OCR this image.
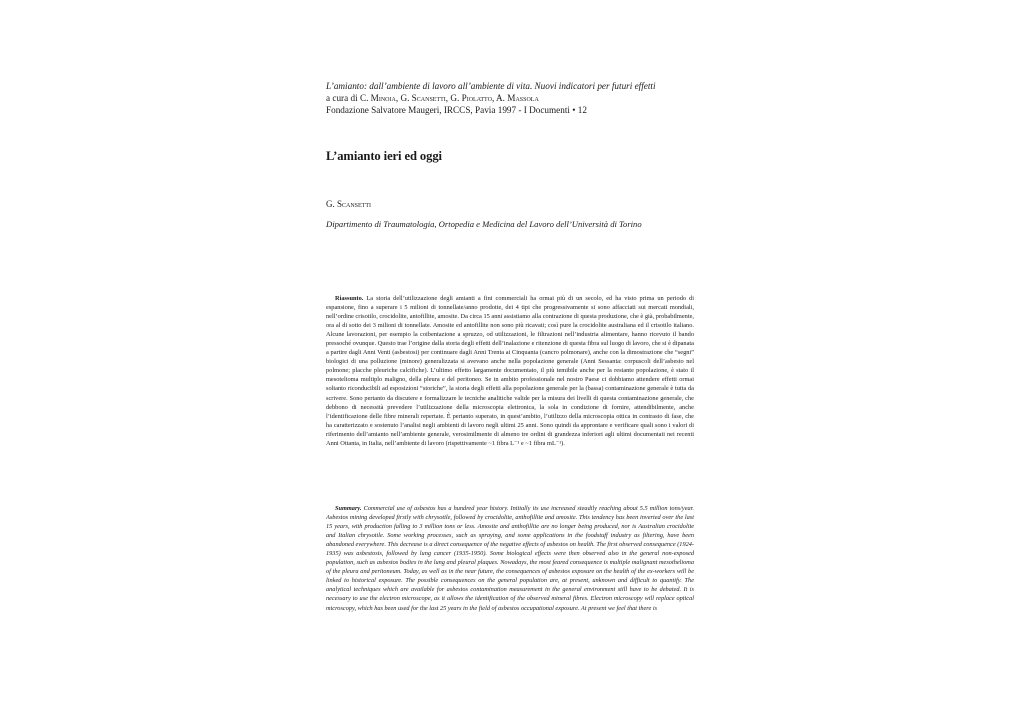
L’amianto: dall’ambiente di lavoro all’ambiente di vita. Nuovi indicatori per futuri effetti
a cura di C. Minoia, G. Scansetti, G. Piolatto, A. Massola
Fondazione Salvatore Maugeri, IRCCS, Pavia 1997 - I Documenti • 12
L’amianto ieri ed oggi
G. Scansetti
Dipartimento di Traumatologia, Ortopedia e Medicina del Lavoro dell’Università di Torino

Riassunto. La storia dell’utilizzazione degli amianti a fini commerciali ha ormai più di un secolo, ed ha visto prima un periodo di espansione, fino a superare i 5 milioni di tonnellate/anno prodotte, dei 4 tipi che progressivamente si sono affacciati sui mercati mondiali, nell’ordine crisotilo, crocidolite, antofillite, amosite. Da circa 15 anni assistiamo alla contrazione di questa produzione, che è già, probabilmente, ora al di sotto dei 3 milioni di tonnellate. Amosite ed antofillite non sono più ricavati; così pure la crocidolite australiana ed il crisotilo italiano. Alcune lavorazioni, per esempio la coibentazione a spruzzo, od utilizzazioni, le filtrazioni nell’industria alimentare, hanno ricevuto il bando pressoché ovunque. Questo trae l’origine dalla storia degli effetti dell’inalazione e ritenzione di questa fibra sul luogo di lavoro, che si è dipanata a partire dagli Anni Venti (asbestosi) per continuare dagli Anni Trenta ai Cinquanta (cancro polmonare), anche con la dimostrazione che “segni” biologici di una polluzione (minore) generalizzata si avevano anche nella popolazione generale (Anni Sessanta: corpuscoli dell’asbesto nel polmone; placche pleuriche calcifiche). L’ultimo effetto largamente documentato, il più temibile anche per la restante popolazione, è stato il mesotelioma multiplo maligno, della pleura e del peritoneo. Se in ambito professionale nel nostro Paese ci dobbiamo attendere effetti ormai soltanto riconducibili ad esposizioni “storiche”, la storia degli effetti alla popolazione generale per la (bassa) contaminazione generale è tutta da scrivere. Sono pertanto da discutere e formalizzare le tecniche analitiche valide per la misura dei livelli di questa contaminazione generale, che debbono di necessità prevedere l’utilizzazione della microscopia elettronica, la sola in condizione di fornire, attendibilmente, anche l’identificazione delle fibre minerali repertate. È pertanto superato, in quest’ambito, l’utilizzo della microscopia ottica in contrasto di fase, che ha caratterizzato e sostenuto l’analisi negli ambienti di lavoro negli ultimi 25 anni. Sono quindi da approntare e verificare quali sono i valori di riferimento dell’amianto nell’ambiente generale, verosimilmente di almeno tre ordini di grandezza inferiori agli ultimi documentati nei recenti Anni Ottanta, in Italia, nell’ambiente di lavoro (rispettivamente ~1 fibra L⁻¹ e ~1 fibra mL⁻¹).

Summary. Commercial use of asbestos has a hundred year history. Initially its use increased steadily reaching about 5.5 million tons/year. Asbestos mining developed firstly with chrysotile, followed by crocidolite, anthofillite and amosite. This tendency has been inverted over the last 15 years, with production falling to 3 million tons or less. Amosite and anthofillite are no longer being produced, nor is Australian crocidolite and Italian chrysotile. Some working processes, such as spraying, and some applications in the foodstuff industry as filtering, have been abandoned everywhere. This decrease is a direct consequence of the negative effects of asbestos on health. The first observed consequence (1924-1935) was asbestosis, followed by lung cancer (1935-1950). Some biological effects were then observed also in the general non-exposed population, such as asbestos bodies in the lung and pleural plaques. Nowadays, the most feared consequence is multiple malignant mesothelioma of the pleura and peritoneum. Today, as well as in the near future, the consequences of asbestos exposure on the health of the ex-workers will be linked to historical exposure. The possible consequences on the general population are, at present, unknown and difficult to quantify. The analytical techniques which are available for asbestos contamination measurement in the general environment still have to be debated. It is necessary to use the electron microscope, as it allows the identification of the observed mineral fibres. Electron microscopy will replace optical microscopy, which has been used for the last 25 years in the field of asbestos occupational exposure. At present we feel that there is
